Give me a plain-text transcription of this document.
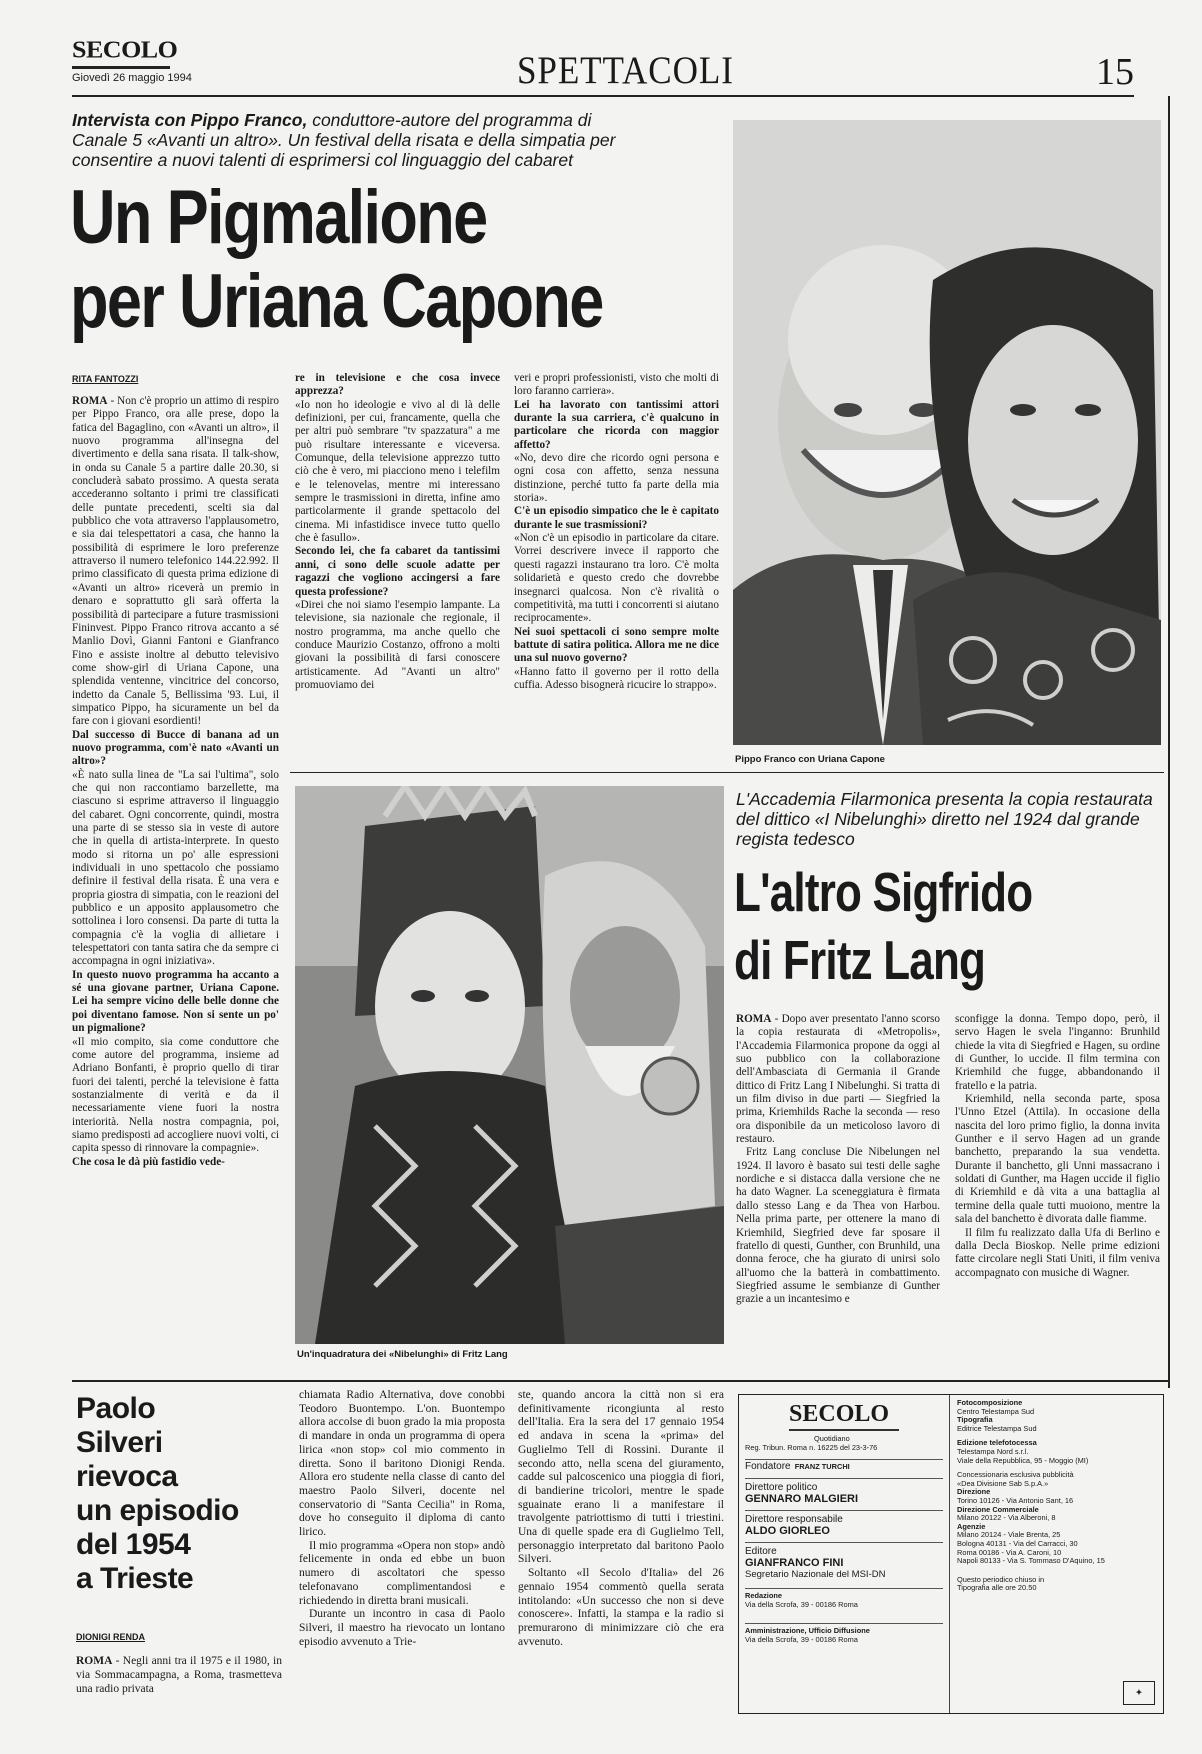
SECOLO
Giovedì 26 maggio 1994	SPETTACOLI	15
Intervista con Pippo Franco, conduttore-autore del programma di Canale 5 «Avanti un altro». Un festival della risata e della simpatia per consentire a nuovi talenti di esprimersi col linguaggio del cabaret
Un Pigmalione
per Uriana Capone
RITA FANTOZZI

ROMA - Non c'è proprio un attimo di respiro per Pippo Franco, ora alle prese, dopo la fatica del Bagaglino, con «Avanti un altro», il nuovo programma all'insegna del divertimento e della sana risata. Il talk-show, in onda su Canale 5 a partire dalle 20.30, si concluderà sabato prossimo. A questa serata accederanno soltanto i primi tre classificati delle puntate precedenti, scelti sia dal pubblico che vota attraverso l'applausometro, e sia dai telespettatori a casa, che hanno la possibilità di esprimere le loro preferenze attraverso il numero telefonico 144.22.992. Il primo classificato di questa prima edizione di «Avanti un altro» riceverà un premio in denaro e soprattutto gli sarà offerta la possibilità di partecipare a future trasmissioni Fininvest. Pippo Franco ritrova accanto a sé Manlio Dovì, Gianni Fantoni e Gianfranco Fino e assiste inoltre al debutto televisivo come show-girl di Uriana Capone, una splendida ventenne, vincitrice del concorso, indetto da Canale 5, Bellissima '93. Lui, il simpatico Pippo, ha sicuramente un bel da fare con i giovani esordienti!

Dal successo di Bucce di banana ad un nuovo programma, com'è nato «Avanti un altro»?

«È nato sulla linea de "La sai l'ultima", solo che qui non raccontiamo barzellette, ma ciascuno si esprime attraverso il linguaggio del cabaret. Ogni concorrente, quindi, mostra una parte di se stesso sia in veste di autore che in quella di artista-interprete. In questo modo si ritorna un po' alle espressioni individuali in uno spettacolo che possiamo definire il festival della risata. È una vera e propria giostra di simpatia, con le reazioni del pubblico e un apposito applausometro che sottolinea i loro consensi. Da parte di tutta la compagnia c'è la voglia di allietare i telespettatori con tanta satira che da sempre ci accompagna in ogni iniziativa».

In questo nuovo programma ha accanto a sé una giovane partner, Uriana Capone. Lei ha sempre vicino delle belle donne che poi diventano famose. Non si sente un po' un pigmalione?

«Il mio compito, sia come conduttore che come autore del programma, insieme ad Adriano Bonfanti, è proprio quello di tirar fuori dei talenti, perché la televisione è fatta sostanzialmente di verità e da il necessariamente viene fuori la nostra interiorità. Nella nostra compagnia, poi, siamo predisposti ad accogliere nuovi volti, ci capita spesso di rinnovare la compagnie».

Che cosa le dà più fastidio vede-

re in televisione e che cosa invece apprezza?

«Io non ho ideologie e vivo al di là delle definizioni, per cui, francamente, quella che per altri può sembrare "tv spazzatura" a me può risultare interessante e viceversa. Comunque, della televisione apprezzo tutto ciò che è vero, mi piacciono meno i telefilm e le telenovelas, mentre mi interessano sempre le trasmissioni in diretta, infine amo particolarmente il grande spettacolo del cinema. Mi infastidisce invece tutto quello che è fasullo».

Secondo lei, che fa cabaret da tantissimi anni, ci sono delle scuole adatte per ragazzi che vogliono accingersi a fare questa professione?

«Direi che noi siamo l'esempio lampante. La televisione, sia nazionale che regionale, il nostro programma, ma anche quello che conduce Maurizio Costanzo, offrono a molti giovani la possibilità di farsi conoscere artisticamente. Ad "Avanti un altro" promuoviamo dei

veri e propri professionisti, visto che molti di loro faranno carriera».

Lei ha lavorato con tantissimi attori durante la sua carriera, c'è qualcuno in particolare che ricorda con maggior affetto?

«No, devo dire che ricordo ogni persona e ogni cosa con affetto, senza nessuna distinzione, perché tutto fa parte della mia storia».

C'è un episodio simpatico che le è capitato durante le sue trasmissioni?

«Non c'è un episodio in particolare da citare. Vorrei descrivere invece il rapporto che questi ragazzi instaurano tra loro. C'è molta solidarietà e questo credo che dovrebbe insegnarci qualcosa. Non c'è rivalità o competitività, ma tutti i concorrenti si aiutano reciprocamente».

Nei suoi spettacoli ci sono sempre molte battute di satira politica. Allora me ne dice una sul nuovo governo?

«Hanno fatto il governo per il rotto della cuffia. Adesso bisognerà ricucire lo strappo».

Pippo Franco con Uriana Capone
Un'inquadratura dei «Nibelunghi» di Fritz Lang
L'Accademia Filarmonica presenta la copia restaurata del dittico «I Nibelunghi» diretto nel 1924 dal grande regista tedesco
L'altro Sigfrido
di Fritz Lang

ROMA - Dopo aver presentato l'anno scorso la copia restaurata di «Metropolis», l'Accademia Filarmonica propone da oggi al suo pubblico con la collaborazione dell'Ambasciata di Germania il Grande dittico di Fritz Lang I Nibelunghi. Si tratta di un film diviso in due parti — Siegfried la prima, Kriemhilds Rache la seconda — reso ora disponibile da un meticoloso lavoro di restauro.

Fritz Lang concluse Die Nibelungen nel 1924. Il lavoro è basato sui testi delle saghe nordiche e si distacca dalla versione che ne ha dato Wagner. La sceneggiatura è firmata dallo stesso Lang e da Thea von Harbou. Nella prima parte, per ottenere la mano di Kriemhild, Siegfried deve far sposare il fratello di questi, Gunther, con Brunhild, una donna feroce, che ha giurato di unirsi solo all'uomo che la batterà in combattimento. Siegfried assume le sembianze di Gunther grazie a un incantesimo e

sconfigge la donna. Tempo dopo, però, il servo Hagen le svela l'inganno: Brunhild chiede la vita di Siegfried e Hagen, su ordine di Gunther, lo uccide. Il film termina con Kriemhild che fugge, abbandonando il fratello e la patria.

Kriemhild, nella seconda parte, sposa l'Unno Etzel (Attila). In occasione della nascita del loro primo figlio, la donna invita Gunther e il servo Hagen ad un grande banchetto, preparando la sua vendetta. Durante il banchetto, gli Unni massacrano i soldati di Gunther, ma Hagen uccide il figlio di Kriemhild e dà vita a una battaglia al termine della quale tutti muoiono, mentre la sala del banchetto è divorata dalle fiamme.

Il film fu realizzato dalla Ufa di Berlino e dalla Decla Bioskop. Nelle prime edizioni fatte circolare negli Stati Uniti, il film veniva accompagnato con musiche di Wagner.

Paolo
Silveri
rievoca
un episodio
del 1954
a Trieste
DIONIGI RENDA

ROMA - Negli anni tra il 1975 e il 1980, in via Sommacampagna, a Roma, trasmetteva una radio privata

chiamata Radio Alternativa, dove conobbi Teodoro Buontempo. L'on. Buontempo allora accolse di buon grado la mia proposta di mandare in onda un programma di opera lirica «non stop» col mio commento in diretta. Sono il baritono Dionigi Renda. Allora ero studente nella classe di canto del maestro Paolo Silveri, docente nel conservatorio di "Santa Cecilia" in Roma, dove ho conseguito il diploma di canto lirico.

Il mio programma «Opera non stop» andò felicemente in onda ed ebbe un buon numero di ascoltatori che spesso telefonavano complimentandosi e richiedendo in diretta brani musicali.

Durante un incontro in casa di Paolo Silveri, il maestro ha rievocato un lontano episodio avvenuto a Trie-

ste, quando ancora la città non si era definitivamente ricongiunta al resto dell'Italia. Era la sera del 17 gennaio 1954 ed andava in scena la «prima» del Guglielmo Tell di Rossini. Durante il secondo atto, nella scena del giuramento, cadde sul palcoscenico una pioggia di fiori, di bandierine tricolori, mentre le spade sguainate erano li a manifestare il travolgente patriottismo di tutti i triestini. Una di quelle spade era di Guglielmo Tell, personaggio interpretato dal baritono Paolo Silveri.

Soltanto «Il Secolo d'Italia» del 26 gennaio 1954 commentò quella serata intitolando: «Un successo che non si deve conoscere». Infatti, la stampa e la radio si premurarono di minimizzare ciò che era avvenuto.

SECOLO
Quotidiano
Reg. Tribun. Roma n. 16225 del 23-3-76
Fondatore FRANZ TURCHI
Direttore politico
GENNARO MALGIERI
Direttore responsabile
ALDO GIORLEO
Editore
GIANFRANCO FINI
Segretario Nazionale del MSI-DN
Redazione
Via della Scrofa, 39 - 00186 Roma
Amministrazione, Ufficio Diffusione
Via della Scrofa, 39 - 00186 Roma
Fotocomposizione
Centro Telestampa Sud
Tipografia
Editrice Telestampa Sud
Edizione telefotocessa
Telestampa Nord s.r.l.
Viale della Repubblica, 95 - Moggio (MI)
Concessionaria esclusiva pubblicità
«Dea Divisione Sab S.p.A.»
Direzione
Torino 10126 - Via Antonio Sant, 16
Direzione Commerciale
Milano 20122 - Via Alberoni, 8
Agenzie
Milano 20124 - Viale Brenta, 25
Bologna 40131 - Via del Carracci, 30
Roma 00186 - Via A. Caroni, 10
Napoli 80133 - Via S. Tommaso D'Aquino, 15
Questo periodico chiuso in
Tipografia alle ore 20.50
✦
